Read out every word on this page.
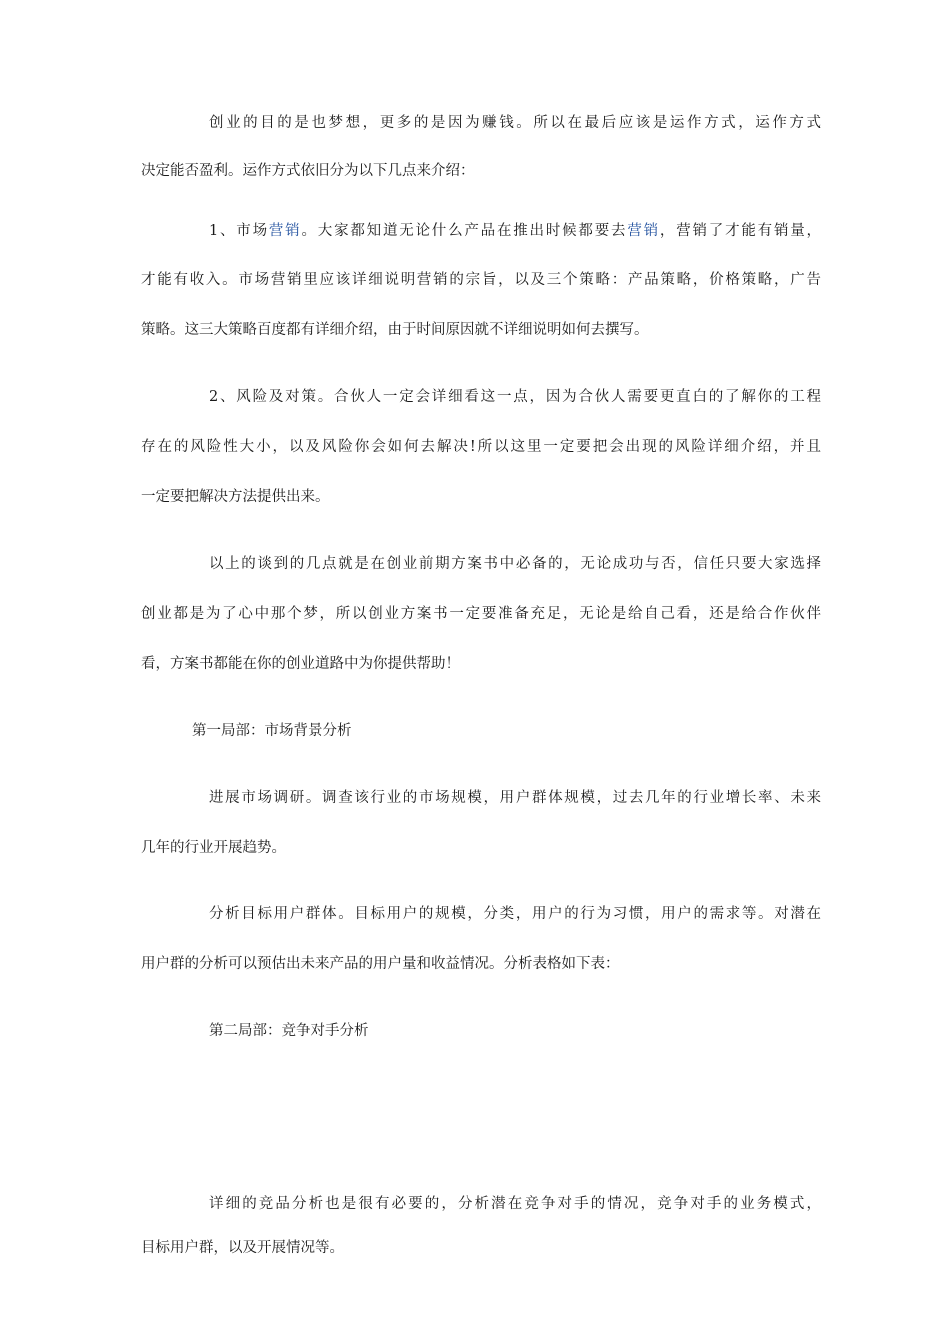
创业的目的是也梦想，更多的是因为赚钱。所以在最后应该是运作方式，运作方式
决定能否盈利。运作方式依旧分为以下几点来介绍：
1、市场营销。大家都知道无论什么产品在推出时候都要去营销，营销了才能有销量，
才能有收入。市场营销里应该详细说明营销的宗旨，以及三个策略：产品策略，价格策略，广告
策略。这三大策略百度都有详细介绍，由于时间原因就不详细说明如何去撰写。
2、风险及对策。合伙人一定会详细看这一点，因为合伙人需要更直白的了解你的工程
存在的风险性大小，以及风险你会如何去解决!所以这里一定要把会出现的风险详细介绍，并且
一定要把解决方法提供出来。
以上的谈到的几点就是在创业前期方案书中必备的，无论成功与否，信任只要大家选择
创业都是为了心中那个梦，所以创业方案书一定要准备充足，无论是给自己看，还是给合作伙伴
看，方案书都能在你的创业道路中为你提供帮助！
第一局部：市场背景分析
进展市场调研。调查该行业的市场规模，用户群体规模，过去几年的行业增长率、未来
几年的行业开展趋势。
分析目标用户群体。目标用户的规模，分类，用户的行为习惯，用户的需求等。对潜在
用户群的分析可以预估出未来产品的用户量和收益情况。分析表格如下表：
第二局部：竞争对手分析
详细的竞品分析也是很有必要的，分析潜在竞争对手的情况，竞争对手的业务模式，
目标用户群，以及开展情况等。
